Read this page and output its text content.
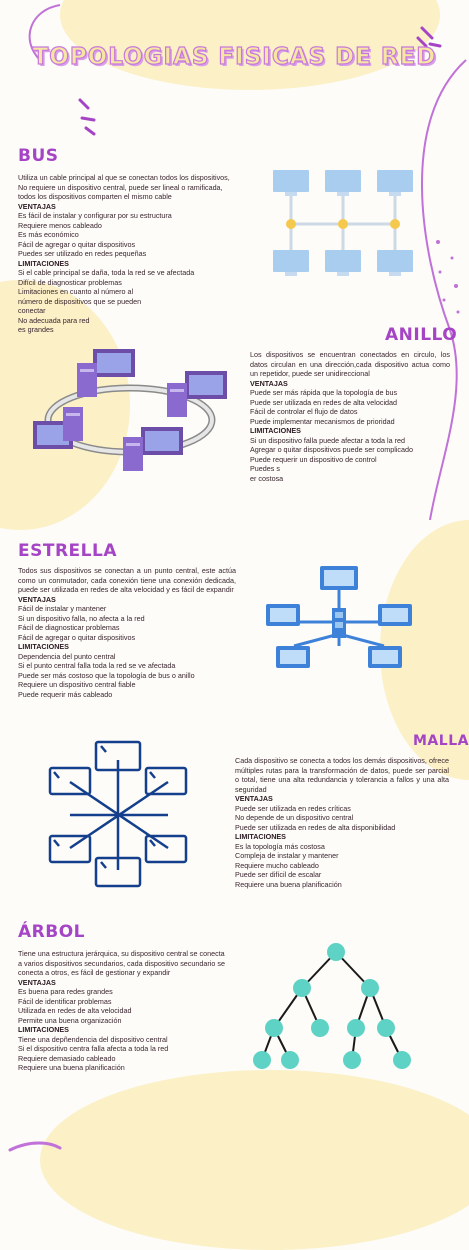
TOPOLOGIAS FISICAS DE RED
BUS

Utiliza un cable principal al que se conectan todos los dispositivos, No requiere un dispositivo central, puede ser lineal o ramificada, todos los dispositivos comparten el mismo cable

VENTAJAS

Es fácil de instalar y configurar por su estructura

Requiere menos cableado

Es más económico

Fácil de agregar o quitar dispositivos

Puedes ser utilizado en redes pequeñas

LIMITACIONES

Si el cable principal se daña, toda la red se ve afectada

Difícil de diagnosticar problemas

Limitaciones en cuanto al número al número de dispositivos que se pueden conectar

No adecuada para red

es grandes	ANILLO

Los dispositivos se encuentran conectados en circulo, los datos circulan en una dirección,cada dispositivo actua como un repetidor, puede ser unidireccional

VENTAJAS

Puede ser más rápida que la topología de bus

Puede ser utilizada en redes de alta velocidad

Fácil de controlar el flujo de datos

Puede implementar mecanismos de prioridad

LIMITACIONES

Si un dispositivo falla puede afectar a toda la red

Agregar o quitar dispositivos puede ser complicado

Puede requerir un dispositivo de control

Puedes s

er costosa

ESTRELLA

Todos sus dispositivos se conectan a un punto central, este actúa como un conmutador, cada conexión tiene una conexión dedicada, puede ser utilizada en redes de alta velocidad y es fácil de expandir

VENTAJAS

Fácil de instalar y mantener

Si un dispositivo falla, no afecta a la red

Fácil de diagnosticar problemas

Fácil de agregar o quitar dispositivos

LIMITACIONES

Dependencia del punto central

Si el punto central falla toda la red se ve afectada

Puede ser más costoso que la topología de bus o anillo

Requiere un dispositivo central fiable

Puede requerir más cableado

MALLA

Cada dispositivo se conecta a todos los demás dispositivos, ofrece múltiples rutas para la transformación de datos, puede ser parcial o total, tiene una alta redundancia y tolerancia a fallos y una alta seguridad

VENTAJAS

Puede ser utilizada en redes críticas

No depende de un dispositivo central

Puede ser utilizada en redes de alta disponibilidad

LIMITACIONES

Es la topología más costosa

Compleja de instalar y mantener

Requiere mucho cableado

Puede ser difícil de escalar

Requiere una buena planificación

ÁRBOL

Tiene una estructura jerárquica, su dispositivo central se conecta a varios dispositivos secundarios, cada dispositivo secundario se conecta a otros, es fácil de gestionar y expandir

VENTAJAS

Es buena para redes grandes

Fácil de identificar problemas

Utilizada en redes de alta velocidad

Permite una buena organización

LIMITACIONES

Tiene una depñendencia del dispositivo central

Si el dispositivo centra falla afecta a toda la red

Requiere demasiado cableado

Requiere una buena planificación
